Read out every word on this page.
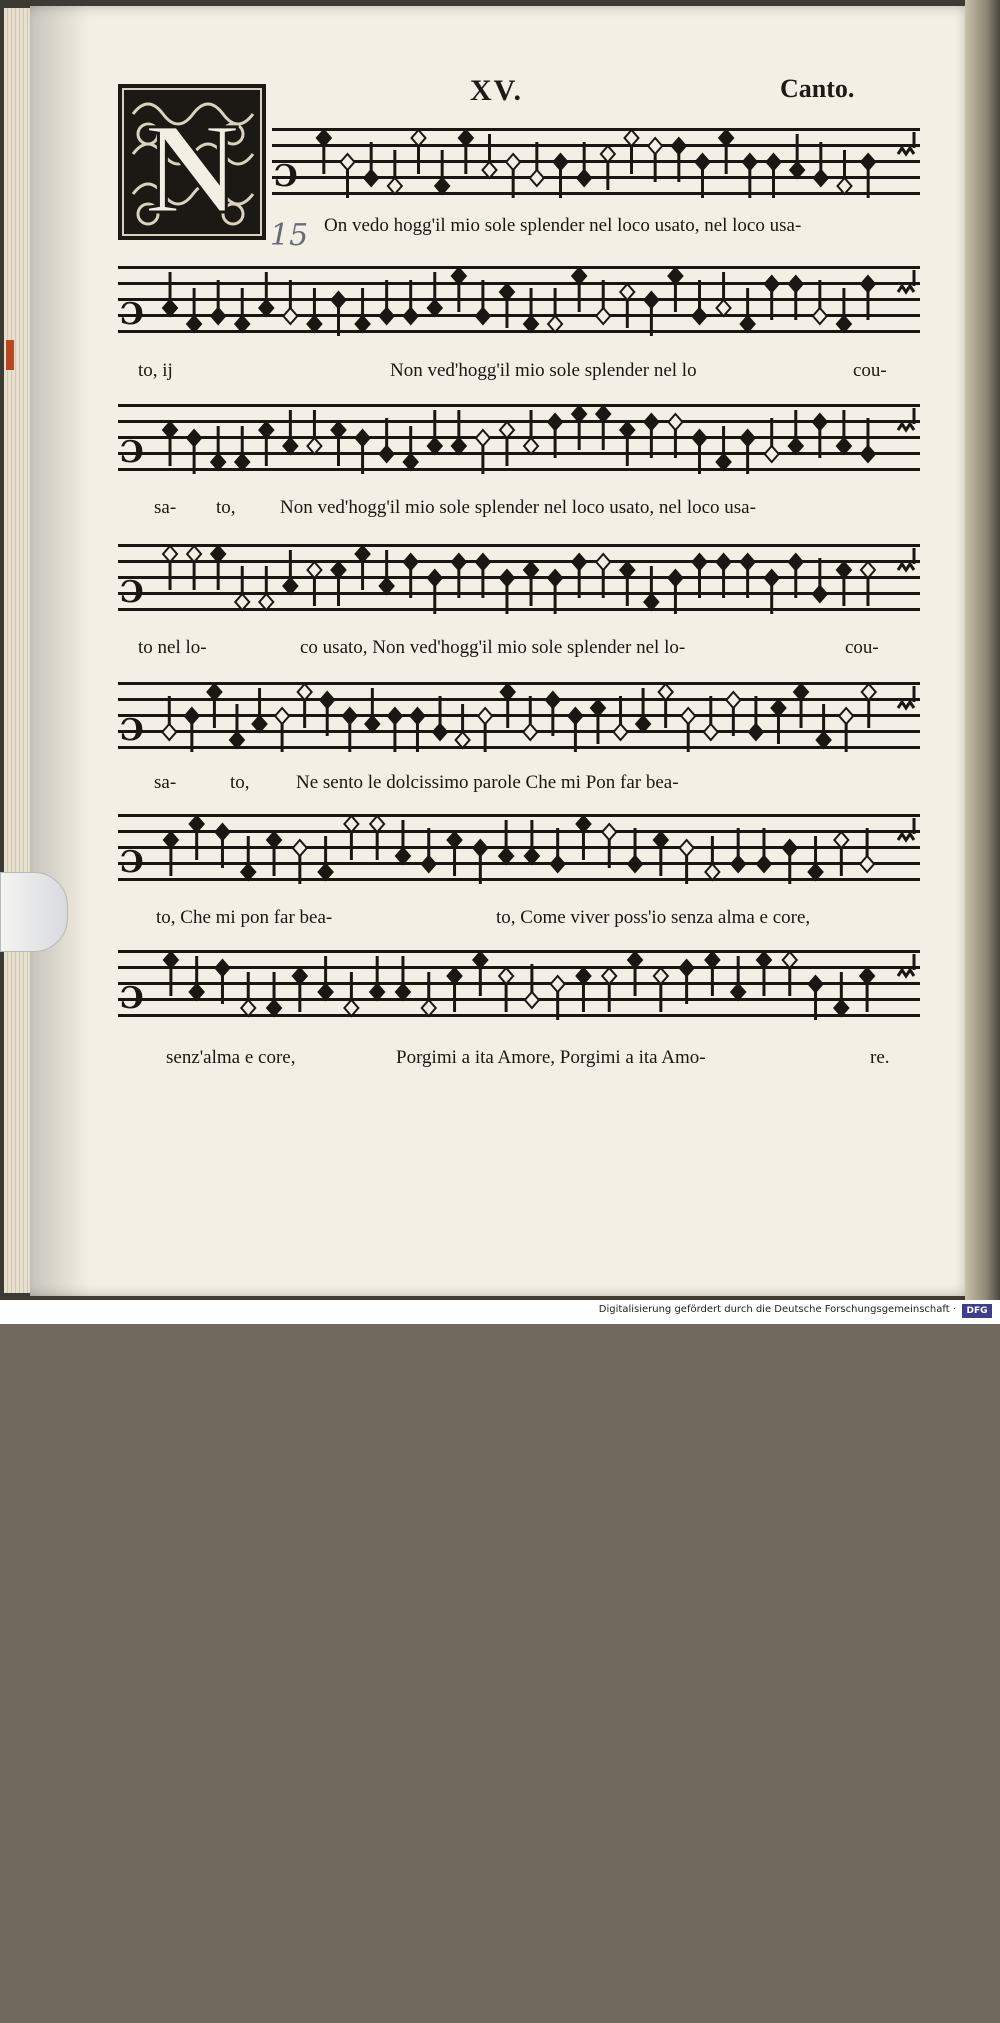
XV.	Canto.
N 15
Ɔ
On vedo hogg'il mio sole splender nel loco usato, nel loco usa-
Ɔ
to, ij	Non ved'hogg'il mio sole splender nel lo	cou-
Ɔ
sa- to, Non ved'hogg'il mio sole splender nel loco usato, nel loco usa-
Ɔ
to nel lo-	co usato, Non ved'hogg'il mio sole splender nel lo-	cou-
Ɔ
sa-	to, Ne sento le dolcissimo parole Che mi Pon far bea-
Ɔ
to, Che mi pon far bea-	to, Come viver poss'io senza alma e core,
Ɔ
senz'alma e core,	Porgimi a ita Amore, Porgimi a ita Amo-	re.
Digitalisierung gefördert durch die Deutsche Forschungsgemeinschaft ·	DFG
